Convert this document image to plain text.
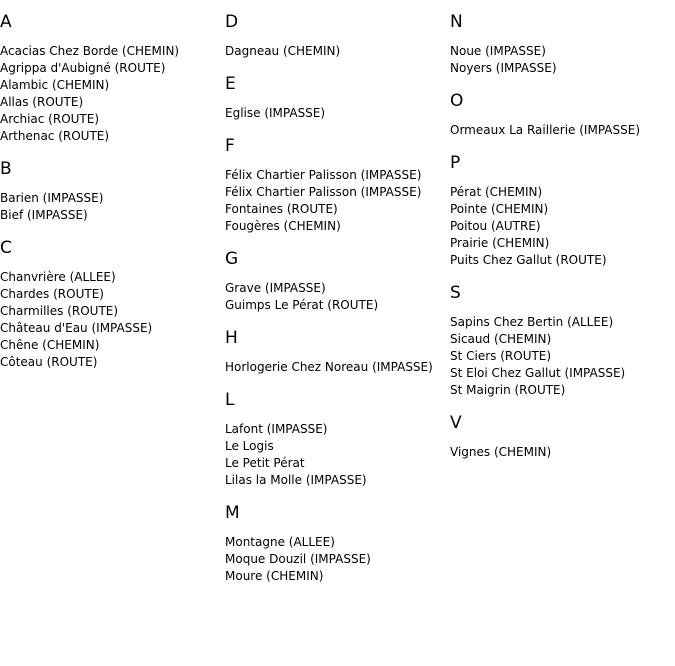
A
Acacias Chez Borde (CHEMIN)
Agrippa d'Aubigné (ROUTE)
Alambic (CHEMIN)
Allas (ROUTE)
Archiac (ROUTE)
Arthenac (ROUTE)
B
Barien (IMPASSE)
Bief (IMPASSE)
C
Chanvrière (ALLEE)
Chardes (ROUTE)
Charmilles (ROUTE)
Château d'Eau (IMPASSE)
Chêne (CHEMIN)
Côteau (ROUTE)
D
Dagneau (CHEMIN)
E
Eglise (IMPASSE)
F
Félix Chartier Palisson (IMPASSE)
Félix Chartier Palisson (IMPASSE)
Fontaines (ROUTE)
Fougères (CHEMIN)
G
Grave (IMPASSE)
Guimps Le Pérat (ROUTE)
H
Horlogerie Chez Noreau (IMPASSE)
L
Lafont (IMPASSE)
Le Logis
Le Petit Pérat
Lilas la Molle (IMPASSE)
M
Montagne (ALLEE)
Moque Douzil (IMPASSE)
Moure (CHEMIN)
N
Noue (IMPASSE)
Noyers (IMPASSE)
O
Ormeaux La Raillerie (IMPASSE)
P
Pérat (CHEMIN)
Pointe (CHEMIN)
Poitou (AUTRE)
Prairie (CHEMIN)
Puits Chez Gallut (ROUTE)
S
Sapins Chez Bertin (ALLEE)
Sicaud (CHEMIN)
St Ciers (ROUTE)
St Eloi Chez Gallut (IMPASSE)
St Maigrin (ROUTE)
V
Vignes (CHEMIN)
